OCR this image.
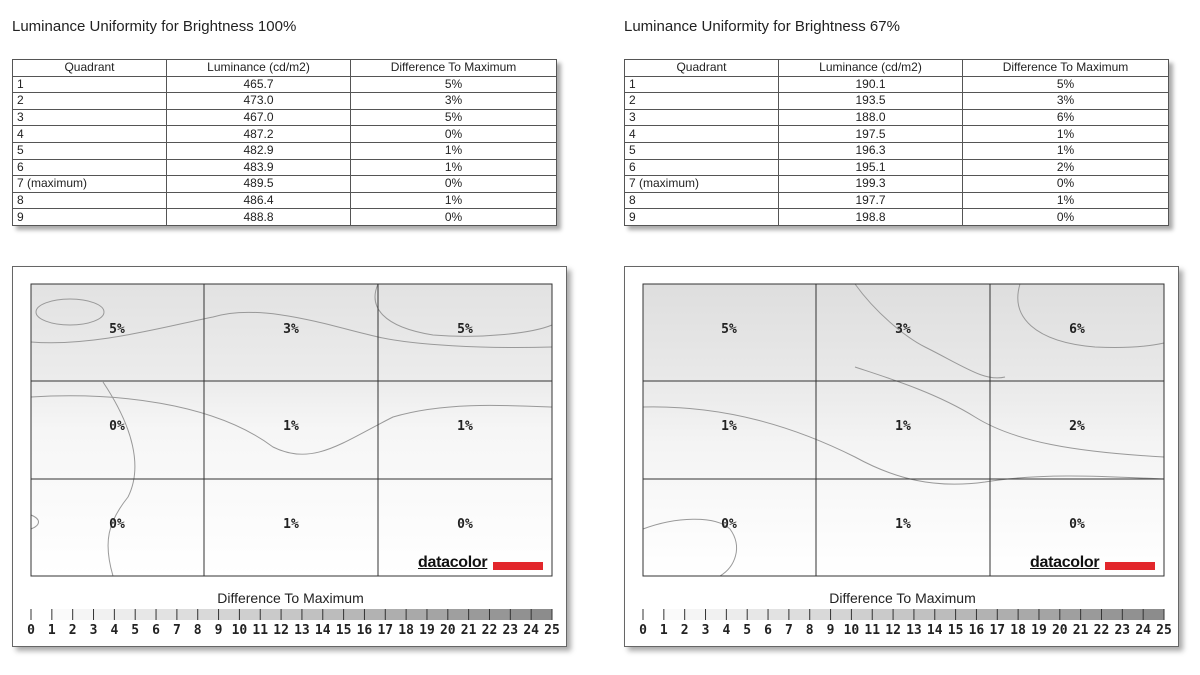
Luminance Uniformity for Brightness 100%
Quadrant	Luminance (cd/m2)	Difference To Maximum
1	465.7	5%
2	473.0	3%
3	467.0	5%
4	487.2	0%
5	482.9	1%
6	483.9	1%
7 (maximum)	489.5	0%
8	486.4	1%
9	488.8	0%
5%	3%	5%
0%	1%	1%
0%	1%	0%
0 1 2 3 4 5 6 7 8 9 10 11 12 13 14 15 16 17 18 19 20 21 22 23 24 25
datacolor
Difference To Maximum
Luminance Uniformity for Brightness 67%
Quadrant	Luminance (cd/m2)	Difference To Maximum
1	190.1	5%
2	193.5	3%
3	188.0	6%
4	197.5	1%
5	196.3	1%
6	195.1	2%
7 (maximum)	199.3	0%
8	197.7	1%
9	198.8	0%
5%	3%	6%
1%	1%	2%
0%	1%	0%
0 1 2 3 4 5 6 7 8 9 10 11 12 13 14 15 16 17 18 19 20 21 22 23 24 25
datacolor
Difference To Maximum
